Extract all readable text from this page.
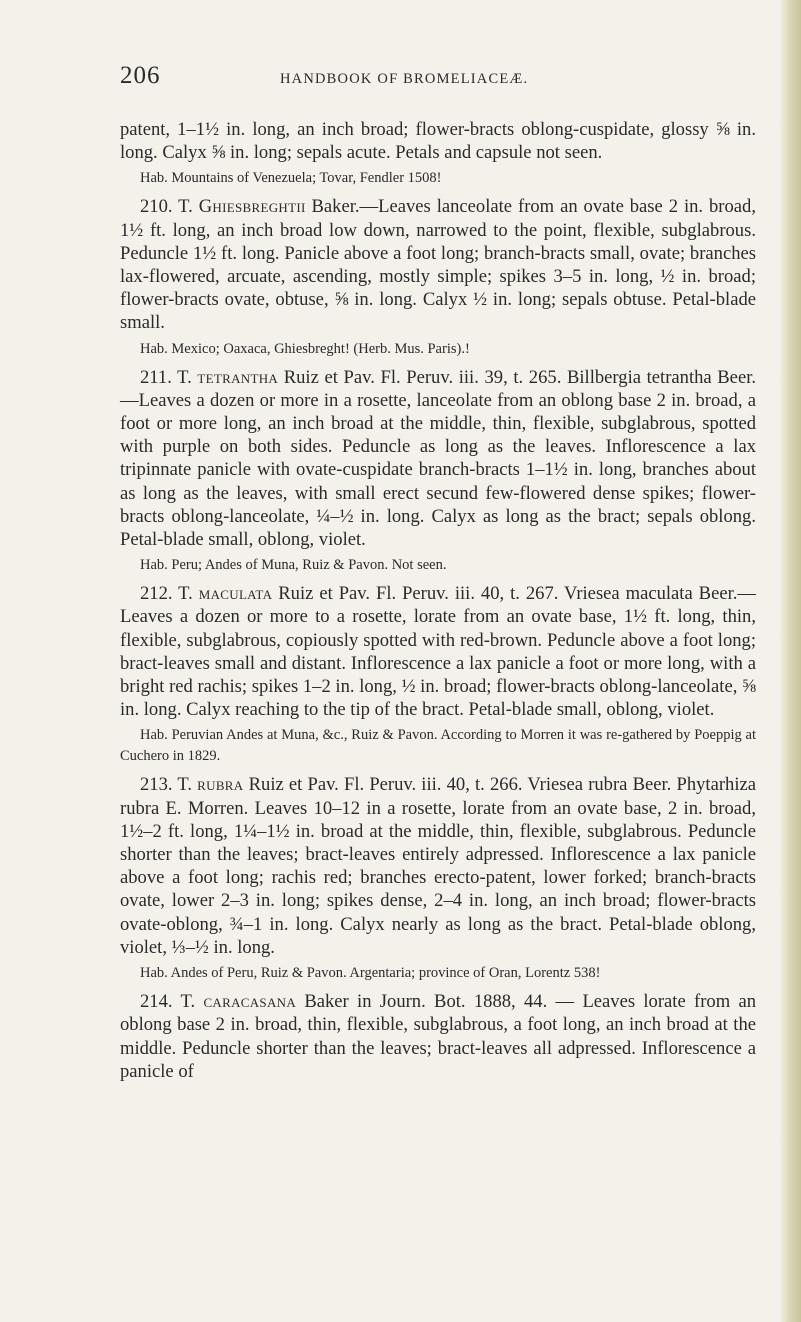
206	HANDBOOK OF BROMELIACEÆ.

patent, 1–1½ in. long, an inch broad; flower-bracts oblong-cuspidate, glossy ⅝ in. long. Calyx ⅝ in. long; sepals acute. Petals and capsule not seen.

Hab. Mountains of Venezuela; Tovar, Fendler 1508!

210. T. Ghiesbreghtii Baker.—Leaves lanceolate from an ovate base 2 in. broad, 1½ ft. long, an inch broad low down, narrowed to the point, flexible, subglabrous. Peduncle 1½ ft. long. Panicle above a foot long; branch-bracts small, ovate; branches lax-flowered, arcuate, ascending, mostly simple; spikes 3–5 in. long, ½ in. broad; flower-bracts ovate, obtuse, ⅝ in. long. Calyx ½ in. long; sepals obtuse. Petal-blade small.

Hab. Mexico; Oaxaca, Ghiesbreght! (Herb. Mus. Paris).!

211. T. tetrantha Ruiz et Pav. Fl. Peruv. iii. 39, t. 265. Billbergia tetrantha Beer.—Leaves a dozen or more in a rosette, lanceolate from an oblong base 2 in. broad, a foot or more long, an inch broad at the middle, thin, flexible, subglabrous, spotted with purple on both sides. Peduncle as long as the leaves. Inflorescence a lax tripinnate panicle with ovate-cuspidate branch-bracts 1–1½ in. long, branches about as long as the leaves, with small erect secund few-flowered dense spikes; flower-bracts oblong-lanceolate, ¼–½ in. long. Calyx as long as the bract; sepals oblong. Petal-blade small, oblong, violet.

Hab. Peru; Andes of Muna, Ruiz & Pavon. Not seen.

212. T. maculata Ruiz et Pav. Fl. Peruv. iii. 40, t. 267. Vriesea maculata Beer.—Leaves a dozen or more to a rosette, lorate from an ovate base, 1½ ft. long, thin, flexible, subglabrous, copiously spotted with red-brown. Peduncle above a foot long; bract-leaves small and distant. Inflorescence a lax panicle a foot or more long, with a bright red rachis; spikes 1–2 in. long, ½ in. broad; flower-bracts oblong-lanceolate, ⅝ in. long. Calyx reaching to the tip of the bract. Petal-blade small, oblong, violet.

Hab. Peruvian Andes at Muna, &c., Ruiz & Pavon. According to Morren it was re-gathered by Poeppig at Cuchero in 1829.

213. T. rubra Ruiz et Pav. Fl. Peruv. iii. 40, t. 266. Vriesea rubra Beer. Phytarhiza rubra E. Morren. Leaves 10–12 in a rosette, lorate from an ovate base, 2 in. broad, 1½–2 ft. long, 1¼–1½ in. broad at the middle, thin, flexible, subglabrous. Peduncle shorter than the leaves; bract-leaves entirely adpressed. Inflorescence a lax panicle above a foot long; rachis red; branches erecto-patent, lower forked; branch-bracts ovate, lower 2–3 in. long; spikes dense, 2–4 in. long, an inch broad; flower-bracts ovate-oblong, ¾–1 in. long. Calyx nearly as long as the bract. Petal-blade oblong, violet, ⅓–½ in. long.

Hab. Andes of Peru, Ruiz & Pavon. Argentaria; province of Oran, Lorentz 538!

214. T. caracasana Baker in Journ. Bot. 1888, 44. — Leaves lorate from an oblong base 2 in. broad, thin, flexible, subglabrous, a foot long, an inch broad at the middle. Peduncle shorter than the leaves; bract-leaves all adpressed. Inflorescence a panicle of
